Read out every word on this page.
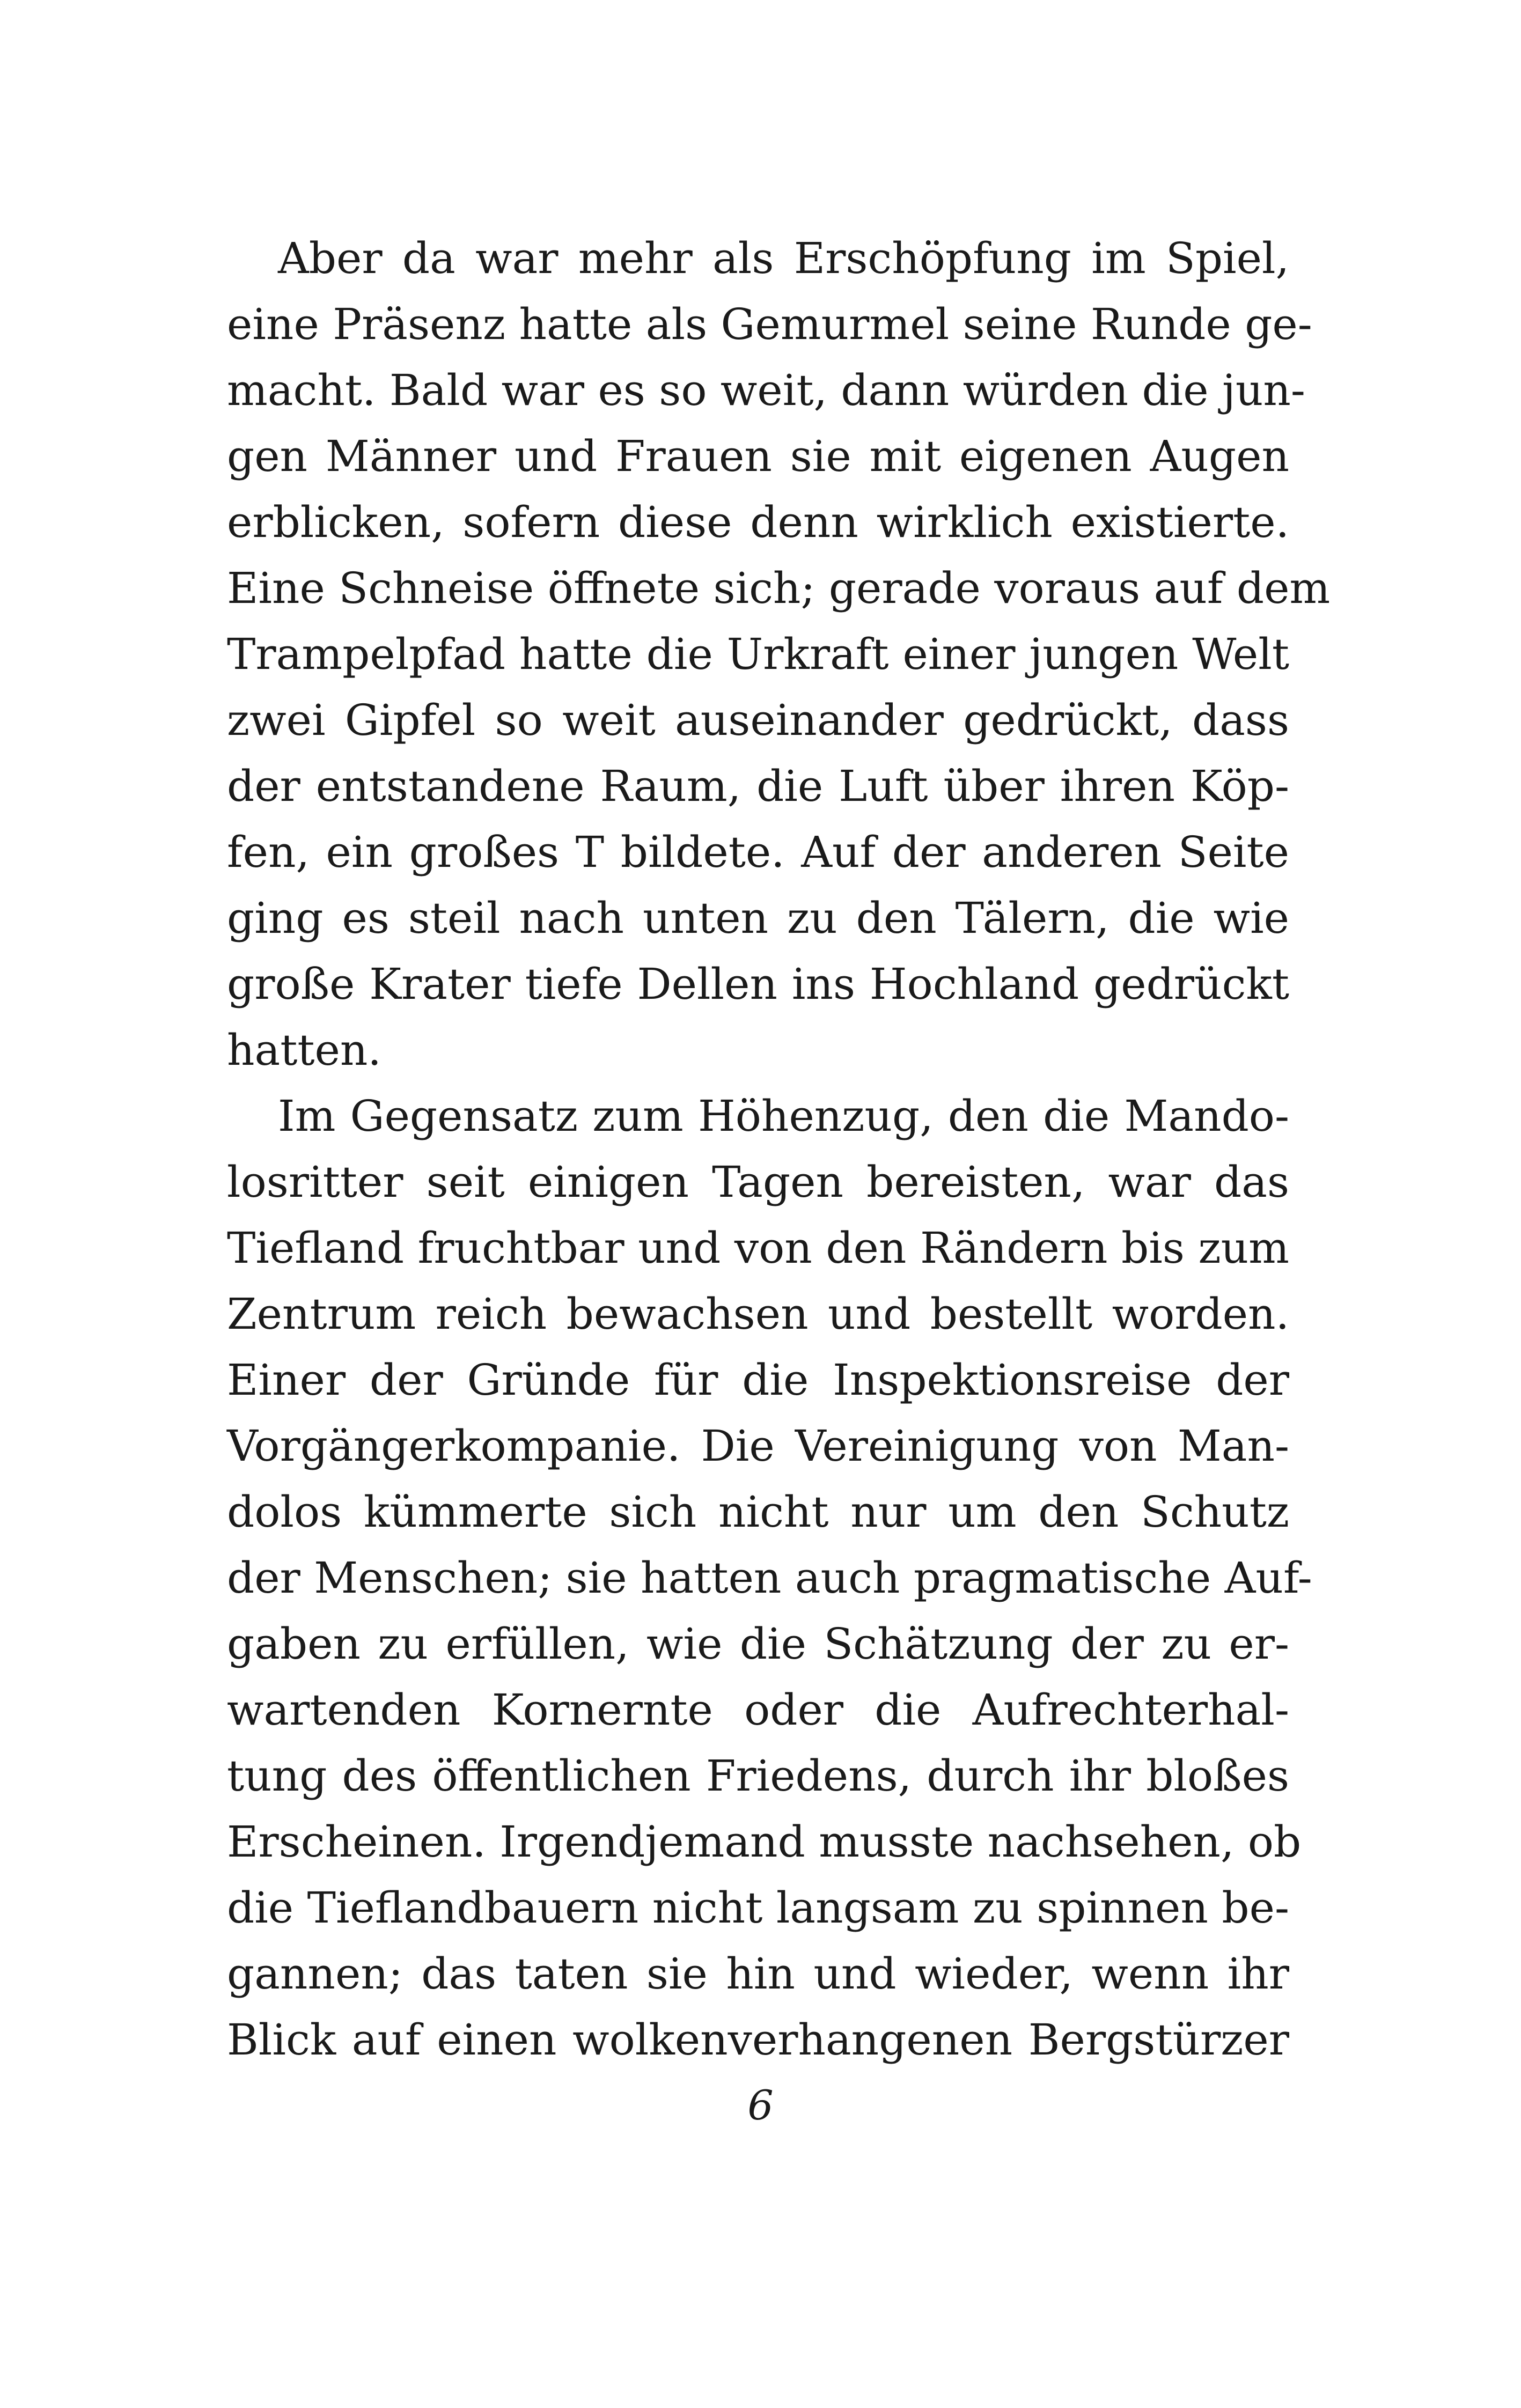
Aber da war mehr als Erschöpfung im Spiel,
eine Präsenz hatte als Gemurmel seine Runde ge-
macht. Bald war es so weit, dann würden die jun-
gen Männer und Frauen sie mit eigenen Augen
erblicken, sofern diese denn wirklich existierte.
Eine Schneise öffnete sich; gerade voraus auf dem
Trampelpfad hatte die Urkraft einer jungen Welt
zwei Gipfel so weit auseinander gedrückt, dass
der entstandene Raum, die Luft über ihren Köp-
fen, ein großes T bildete. Auf der anderen Seite
ging es steil nach unten zu den Tälern, die wie
große Krater tiefe Dellen ins Hochland gedrückt
hatten.
Im Gegensatz zum Höhenzug, den die Mando-
losritter seit einigen Tagen bereisten, war das
Tiefland fruchtbar und von den Rändern bis zum
Zentrum reich bewachsen und bestellt worden.
Einer der Gründe für die Inspektionsreise der
Vorgängerkompanie. Die Vereinigung von Man-
dolos kümmerte sich nicht nur um den Schutz
der Menschen; sie hatten auch pragmatische Auf-
gaben zu erfüllen, wie die Schätzung der zu er-
wartenden Kornernte oder die Aufrechterhal-
tung des öffentlichen Friedens, durch ihr bloßes
Erscheinen. Irgendjemand musste nachsehen, ob
die Tieflandbauern nicht langsam zu spinnen be-
gannen; das taten sie hin und wieder, wenn ihr
Blick auf einen wolkenverhangenen Bergstürzer
6
